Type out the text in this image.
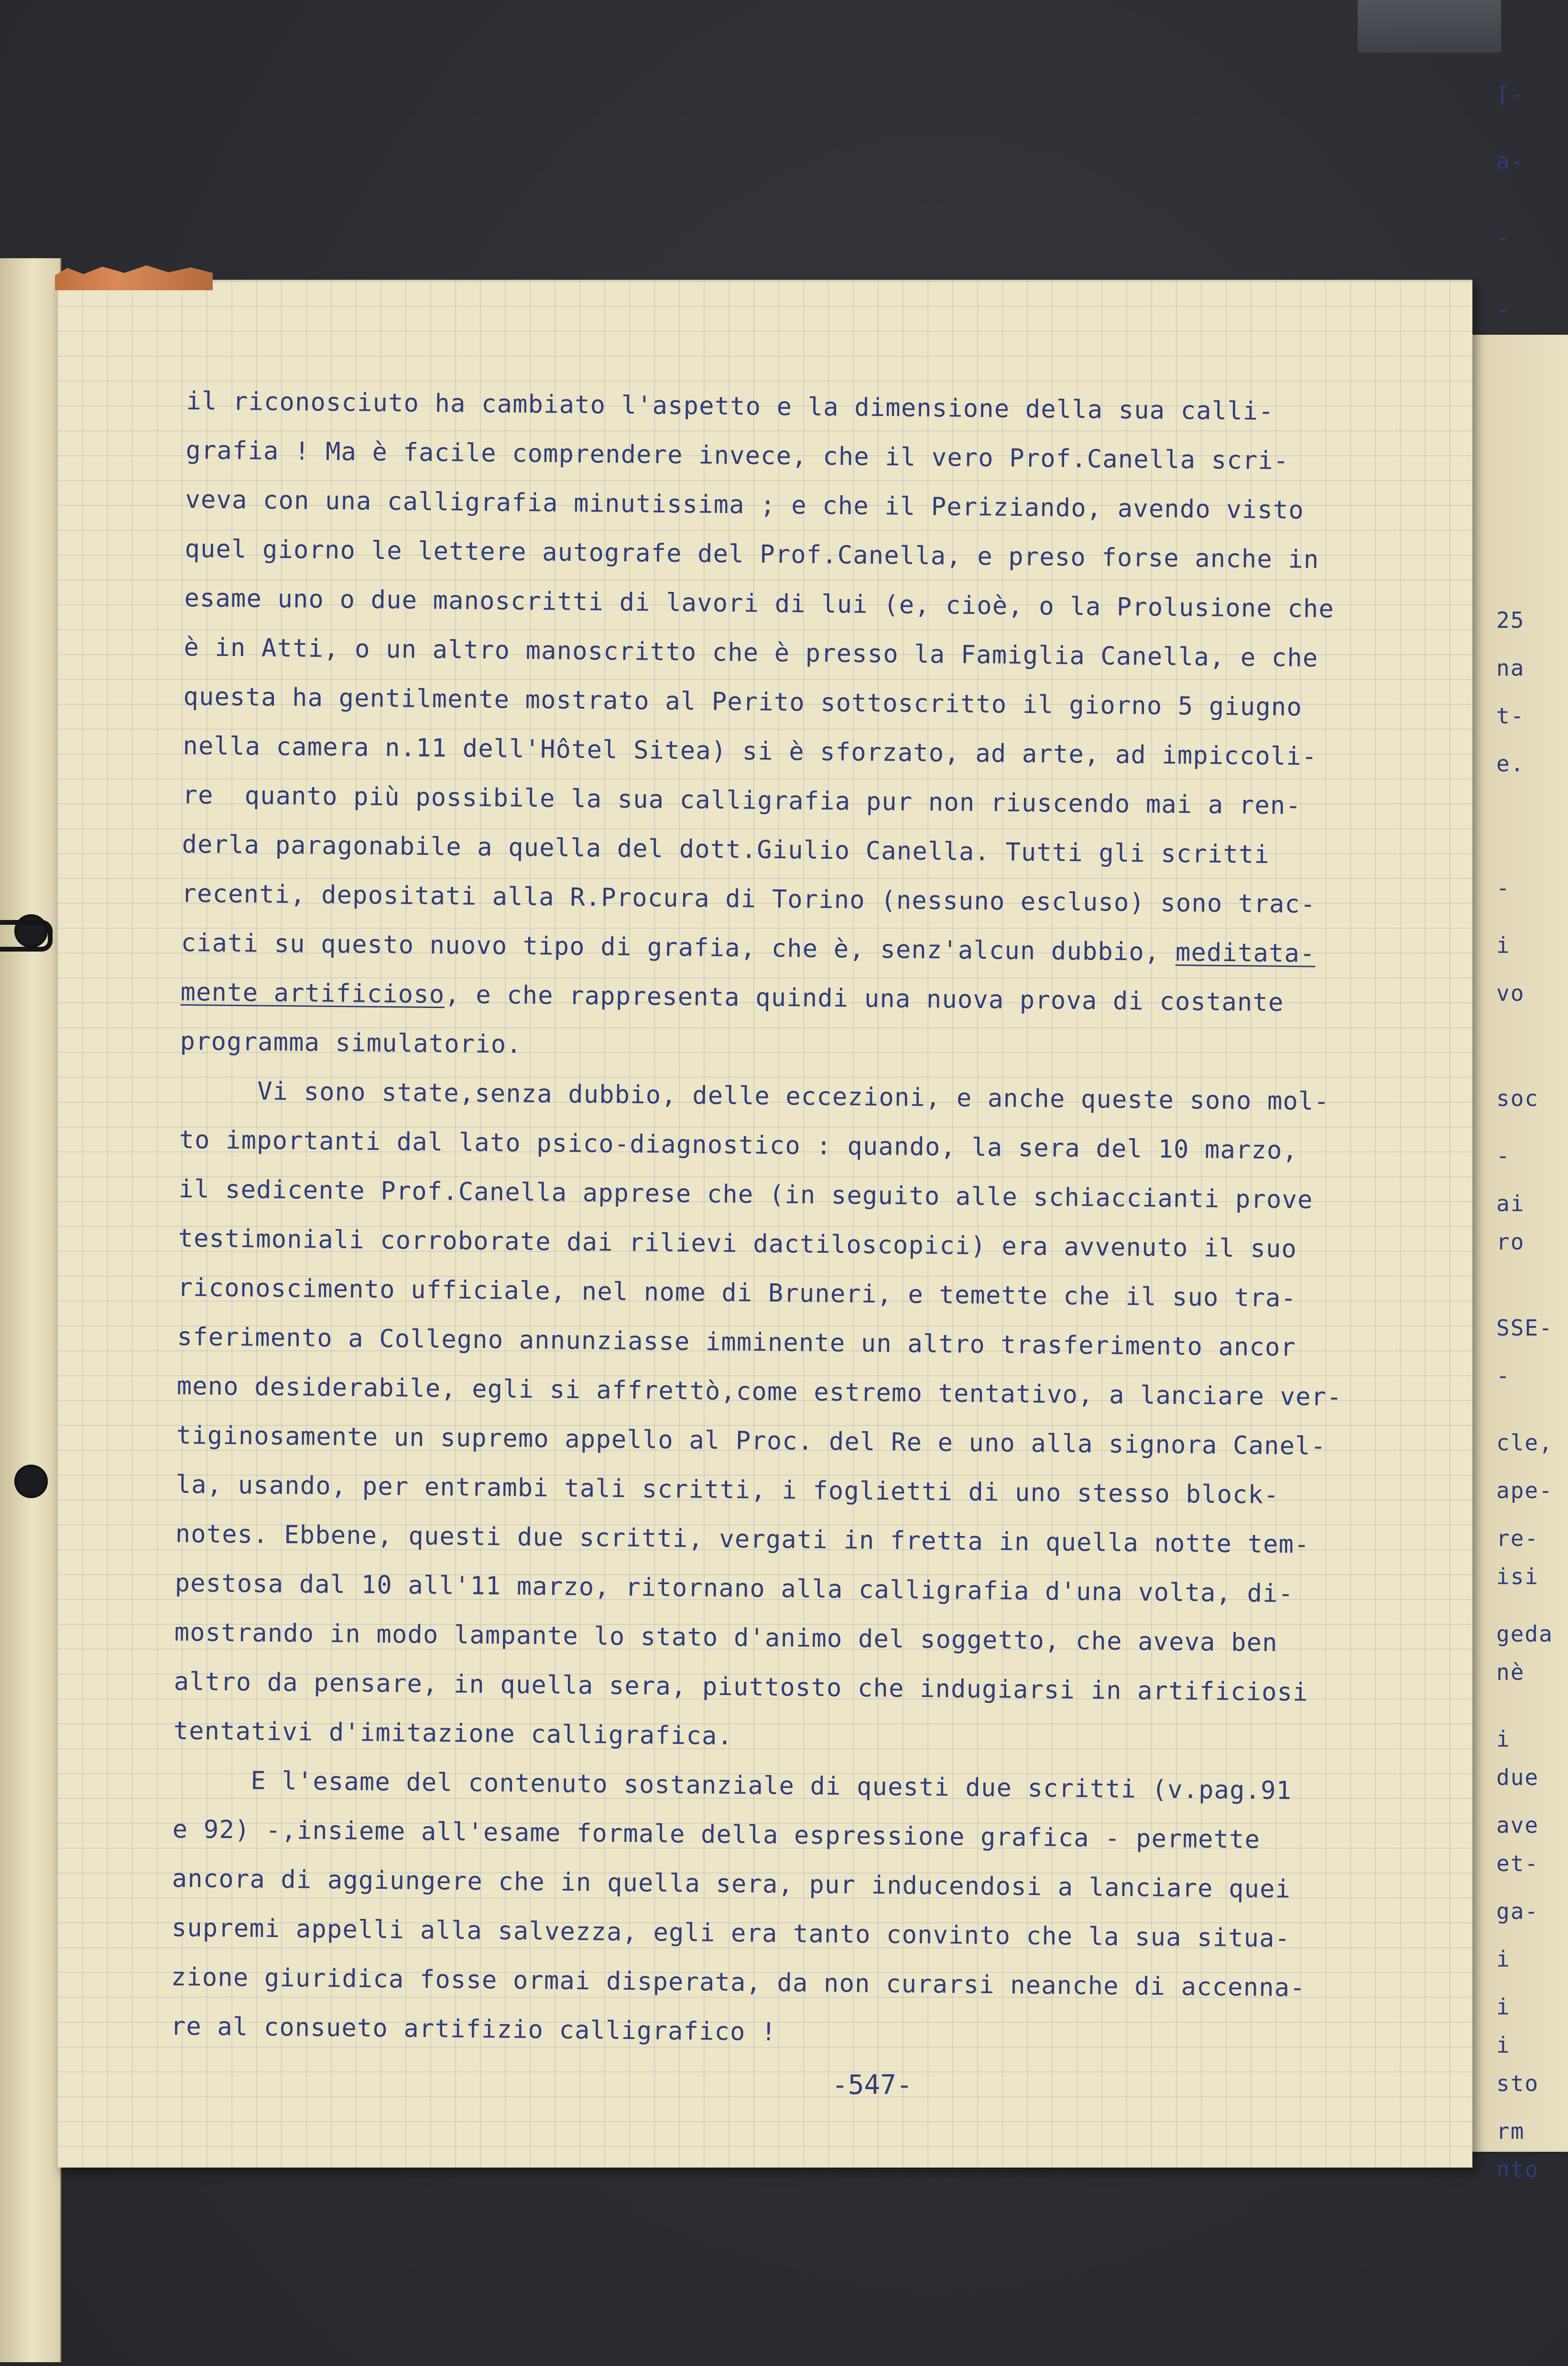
[-
a-
-
-
25
na
t-
e.
-
i
vo
soc
-
ai
ro
SSE-
-
cle,
ape-
re-
isi
geda
nè
i
due
ave
et-
ga-
i
i
i
sto
rm
nto
il riconosciuto ha cambiato l'aspetto e la dimensione della sua calli-
grafia ! Ma è facile comprendere invece, che il vero Prof.Canella scri-
veva con una calligrafia minutissima ; e che il Periziando, avendo visto
quel giorno le lettere autografe del Prof.Canella, e preso forse anche in
esame uno o due manoscritti di lavori di lui (e, cioè, o la Prolusione che
è in Atti, o un altro manoscritto che è presso la Famiglia Canella, e che
questa ha gentilmente mostrato al Perito sottoscritto il giorno 5 giugno
nella camera n.11 dell'Hôtel Sitea) si è sforzato, ad arte, ad impiccoli-
re  quanto più possibile la sua calligrafia pur non riuscendo mai a ren-
derla paragonabile a quella del dott.Giulio Canella. Tutti gli scritti
recenti, depositati alla R.Procura di Torino (nessuno escluso) sono trac-
ciati su questo nuovo tipo di grafia, che è, senz'alcun dubbio, meditata-
mente artificioso, e che rappresenta quindi una nuova prova di costante
programma simulatorio.
Vi sono state,senza dubbio, delle eccezioni, e anche queste sono mol-
to importanti dal lato psico-diagnostico : quando, la sera del 10 marzo,
il sedicente Prof.Canella apprese che (in seguito alle schiaccianti prove
testimoniali corroborate dai rilievi dactiloscopici) era avvenuto il suo
riconoscimento ufficiale, nel nome di Bruneri, e temette che il suo tra-
sferimento a Collegno annunziasse imminente un altro trasferimento ancor
meno desiderabile, egli si affrettò,come estremo tentativo, a lanciare ver-
tiginosamente un supremo appello al Proc. del Re e uno alla signora Canel-
la, usando, per entrambi tali scritti, i foglietti di uno stesso block-
notes. Ebbene, questi due scritti, vergati in fretta in quella notte tem-
pestosa dal 10 all'11 marzo, ritornano alla calligrafia d'una volta, di-
mostrando in modo lampante lo stato d'animo del soggetto, che aveva ben
altro da pensare, in quella sera, piuttosto che indugiarsi in artificiosi
tentativi d'imitazione calligrafica.
E l'esame del contenuto sostanziale di questi due scritti (v.pag.91
e 92) -,insieme all'esame formale della espressione grafica - permette
ancora di aggiungere che in quella sera, pur inducendosi a lanciare quei
supremi appelli alla salvezza, egli era tanto convinto che la sua situa-
zione giuridica fosse ormai disperata, da non curarsi neanche di accenna-
re al consueto artifizio calligrafico !
-547-
